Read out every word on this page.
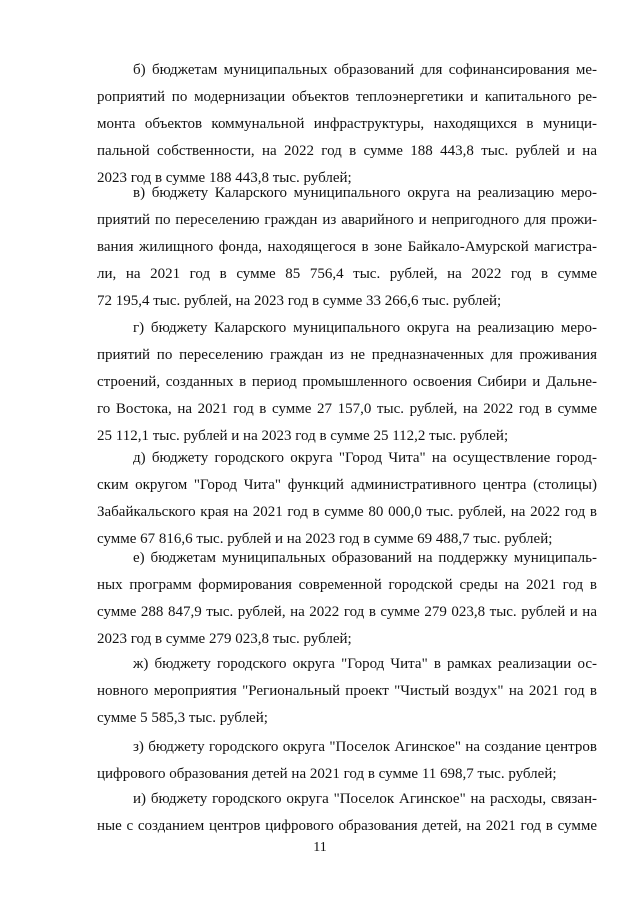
б) бюджетам муниципальных образований для софинансирования ме-
роприятий по модернизации объектов теплоэнергетики и капитального ре-
монта объектов коммунальной инфраструктуры, находящихся в муници-
пальной собственности, на 2022 год в сумме 188 443,8 тыс. рублей и на
2023 год в сумме 188 443,8 тыс. рублей;
в) бюджету Каларского муниципального округа на реализацию меро-
приятий по переселению граждан из аварийного и непригодного для прожи-
вания жилищного фонда, находящегося в зоне Байкало-Амурской магистра-
ли, на 2021 год в сумме 85 756,4 тыс. рублей, на 2022 год в сумме
72 195,4 тыс. рублей, на 2023 год в сумме 33 266,6 тыс. рублей;
г) бюджету Каларского муниципального округа на реализацию меро-
приятий по переселению граждан из не предназначенных для проживания
строений, созданных в период промышленного освоения Сибири и Дальне-
го Востока, на 2021 год в сумме 27 157,0 тыс. рублей, на 2022 год в сумме
25 112,1 тыс. рублей и на 2023 год в сумме 25 112,2 тыс. рублей;
д) бюджету городского округа "Город Чита" на осуществление город-
ским округом "Город Чита" функций административного центра (столицы)
Забайкальского края на 2021 год в сумме 80 000,0 тыс. рублей, на 2022 год в
сумме 67 816,6 тыс. рублей и на 2023 год в сумме 69 488,7 тыс. рублей;
е) бюджетам муниципальных образований на поддержку муниципаль-
ных программ формирования современной городской среды на 2021 год в
сумме 288 847,9 тыс. рублей, на 2022 год в сумме 279 023,8 тыс. рублей и на
2023 год в сумме 279 023,8 тыс. рублей;
ж) бюджету городского округа "Город Чита" в рамках реализации ос-
новного мероприятия "Региональный проект "Чистый воздух" на 2021 год в
сумме 5 585,3 тыс. рублей;
з) бюджету городского округа "Поселок Агинское" на создание центров
цифрового образования детей на 2021 год в сумме 11 698,7 тыс. рублей;
и) бюджету городского округа "Поселок Агинское" на расходы, связан-
ные с созданием центров цифрового образования детей, на 2021 год в сумме
11
